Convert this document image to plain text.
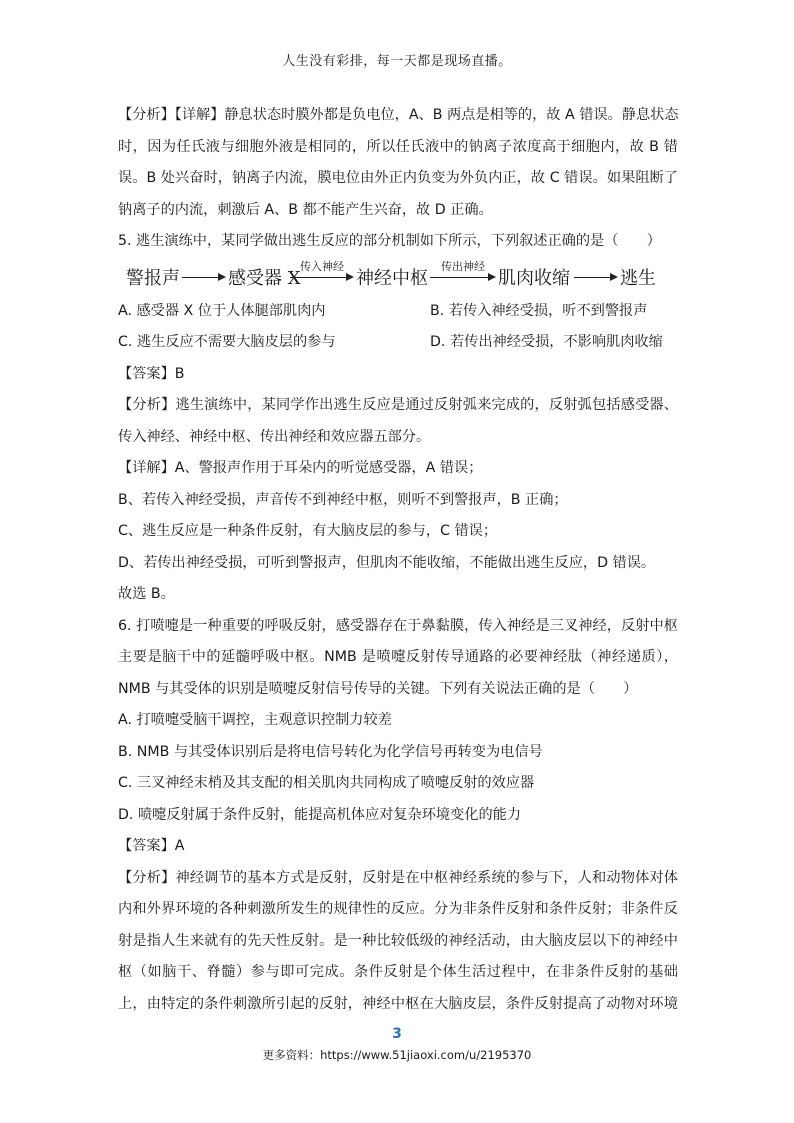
人生没有彩排，每一天都是现场直播。
【分析】【详解】静息状态时膜外都是负电位，A、B 两点是相等的，故 A 错误。静息状态
时，因为任氏液与细胞外液是相同的，所以任氏液中的钠离子浓度高于细胞内，故 B 错
误。B 处兴奋时，钠离子内流，膜电位由外正内负变为外负内正，故 C 错误。如果阻断了
钠离子的内流，刺激后 A、B 都不能产生兴奋，故 D 正确。
5. 逃生演练中，某同学做出逃生反应的部分机制如下所示，下列叙述正确的是（　　）
警报声	感受器 X
传入神经
神经中枢
传出神经
肌肉收缩	逃生
A. 感受器 X 位于人体腿部肌肉内	B. 若传入神经受损，听不到警报声
C. 逃生反应不需要大脑皮层的参与	D. 若传出神经受损，不影响肌肉收缩
【答案】B
【分析】逃生演练中，某同学作出逃生反应是通过反射弧来完成的，反射弧包括感受器、
传入神经、神经中枢、传出神经和效应器五部分。
【详解】A、警报声作用于耳朵内的听觉感受器，A 错误；
B、若传入神经受损，声音传不到神经中枢，则听不到警报声，B 正确；
C、逃生反应是一种条件反射，有大脑皮层的参与，C 错误；
D、若传出神经受损，可听到警报声，但肌肉不能收缩，不能做出逃生反应，D 错误。
故选 B。
6. 打喷嚏是一种重要的呼吸反射，感受器存在于鼻黏膜，传入神经是三叉神经，反射中枢
主要是脑干中的延髓呼吸中枢。NMB 是喷嚏反射传导通路的必要神经肽（神经递质），
NMB 与其受体的识别是喷嚏反射信号传导的关键。下列有关说法正确的是（　　）
A. 打喷嚏受脑干调控，主观意识控制力较差
B. NMB 与其受体识别后是将电信号转化为化学信号再转变为电信号
C. 三叉神经末梢及其支配的相关肌肉共同构成了喷嚏反射的效应器
D. 喷嚏反射属于条件反射，能提高机体应对复杂环境变化的能力
【答案】A
【分析】神经调节的基本方式是反射，反射是在中枢神经系统的参与下，人和动物体对体
内和外界环境的各种刺激所发生的规律性的反应。分为非条件反射和条件反射；非条件反
射是指人生来就有的先天性反射。是一种比较低级的神经活动，由大脑皮层以下的神经中
枢（如脑干、脊髓）参与即可完成。条件反射是个体生活过程中，在非条件反射的基础
上，由特定的条件刺激所引起的反射，神经中枢在大脑皮层，条件反射提高了动物对环境
3
更多资料：https://www.51jiaoxi.com/u/2195370
